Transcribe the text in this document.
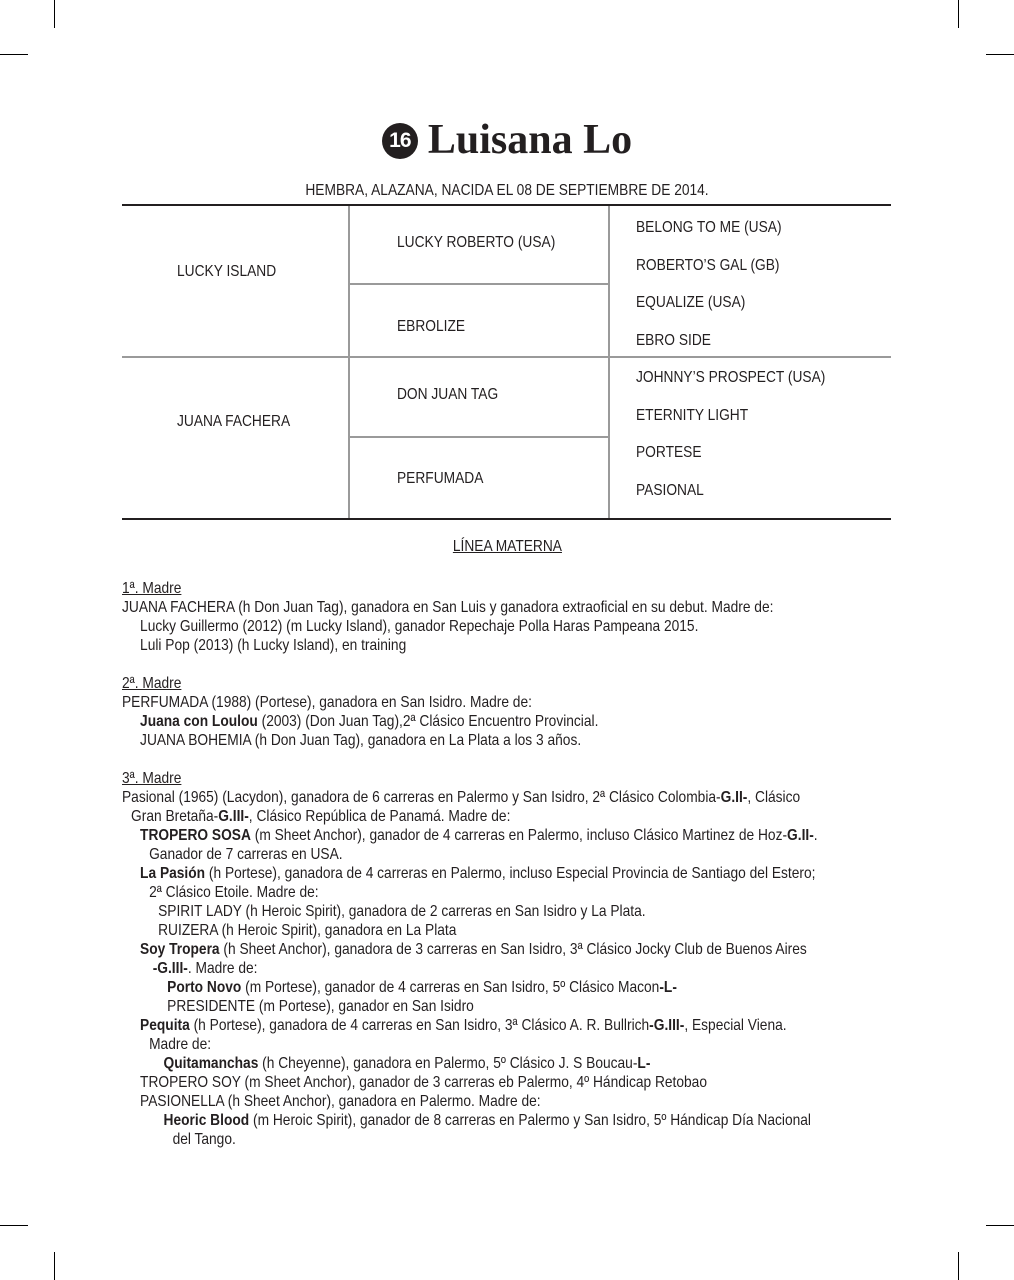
16 Luisana Lo
HEMBRA, ALAZANA, NACIDA EL 08 DE SEPTIEMBRE DE 2014.
LUCKY ISLAND
JUANA FACHERA
LUCKY ROBERTO (USA)
EBROLIZE
DON JUAN TAG
PERFUMADA
BELONG TO ME (USA)
ROBERTO’S GAL (GB)
EQUALIZE (USA)
EBRO SIDE
JOHNNY’S PROSPECT (USA)
ETERNITY LIGHT
PORTESE
PASIONAL
LÍNEA MATERNA
1ª. Madre
JUANA FACHERA (h Don Juan Tag), ganadora en San Luis y ganadora extraoficial en su debut. Madre de:
Lucky Guillermo (2012) (m Lucky Island), ganador Repechaje Polla Haras Pampeana 2015.
Luli Pop (2013) (h Lucky Island), en training
2ª. Madre
PERFUMADA (1988) (Portese), ganadora en San Isidro. Madre de:
Juana con Loulou (2003) (Don Juan Tag),2ª Clásico Encuentro Provincial.
JUANA BOHEMIA (h Don Juan Tag), ganadora en La Plata a los 3 años.
3ª. Madre
Pasional (1965) (Lacydon), ganadora de 6 carreras en Palermo y San Isidro, 2ª Clásico Colombia-G.II-, Clásico
Gran Bretaña-G.III-, Clásico República de Panamá. Madre de:
TROPERO SOSA (m Sheet Anchor), ganador de 4 carreras en Palermo, incluso Clásico Martinez de Hoz-G.II-.
Ganador de 7 carreras en USA.
La Pasión (h Portese), ganadora de 4 carreras en Palermo, incluso Especial Provincia de Santiago del Estero;
2ª Clásico Etoile. Madre de:
SPIRIT LADY (h Heroic Spirit), ganadora de 2 carreras en San Isidro y La Plata.
RUIZERA (h Heroic Spirit), ganadora en La Plata
Soy Tropera (h Sheet Anchor), ganadora de 3 carreras en San Isidro, 3ª Clásico Jocky Club de Buenos Aires
-G.III-. Madre de:
Porto Novo (m Portese), ganador de 4 carreras en San Isidro, 5º Clásico Macon-L-
PRESIDENTE (m Portese), ganador en San Isidro
Pequita (h Portese), ganadora de 4 carreras en San Isidro, 3ª Clásico A. R. Bullrich-G.III-, Especial Viena.
Madre de:
Quitamanchas (h Cheyenne), ganadora en Palermo, 5º Clásico J. S Boucau-L-
TROPERO SOY (m Sheet Anchor), ganador de 3 carreras eb Palermo, 4º Hándicap Retobao
PASIONELLA (h Sheet Anchor), ganadora en Palermo. Madre de:
Heoric Blood (m Heroic Spirit), ganador de 8 carreras en Palermo y San Isidro, 5º Hándicap Día Nacional
del Tango.
